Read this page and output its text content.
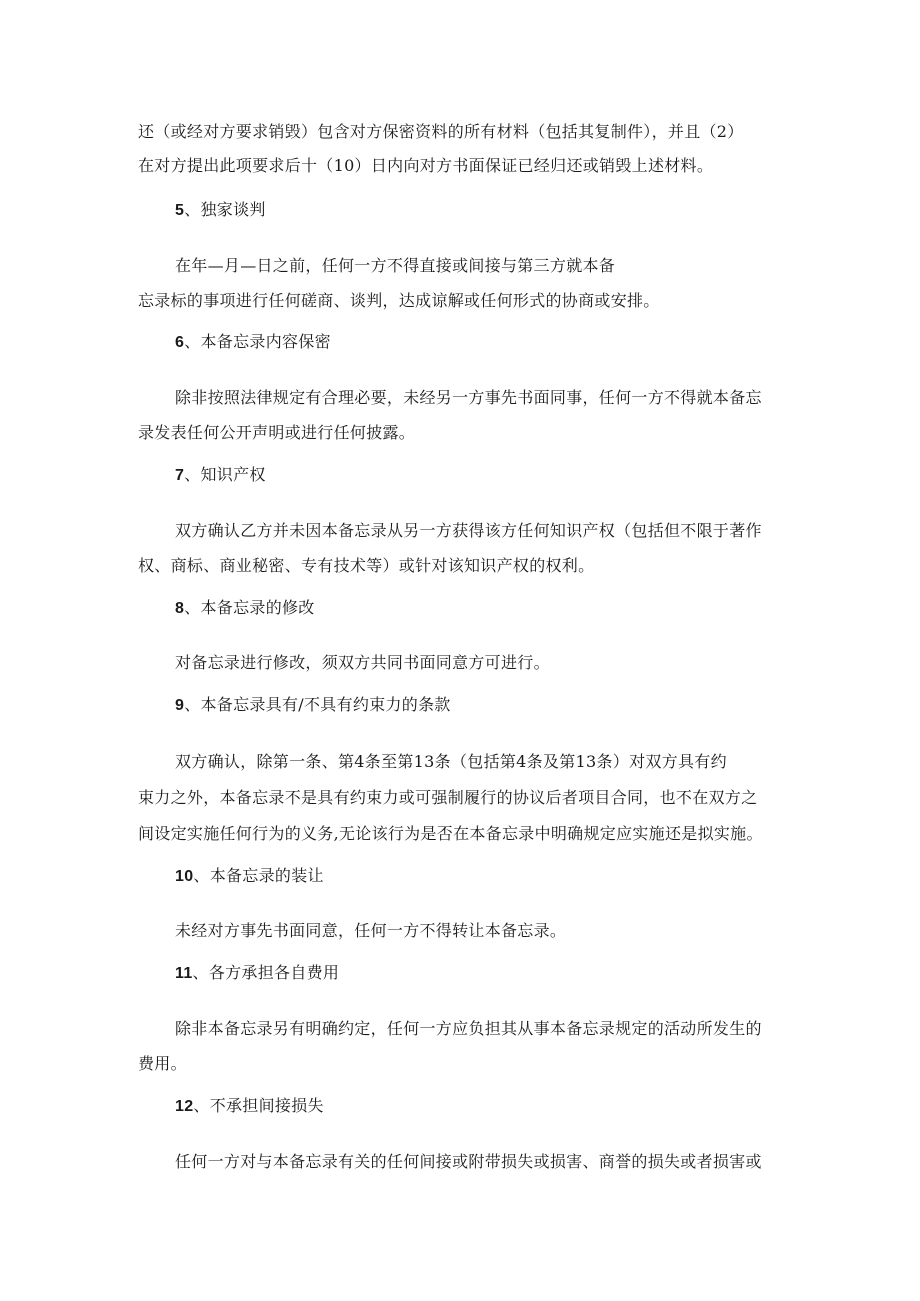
还（或经对方要求销毁）包含对方保密资料的所有材料（包括其复制件），并且（2）
在对方提出此项要求后十（10）日内向对方书面保证已经归还或销毁上述材料。
5、独家谈判
在年—月—日之前，任何一方不得直接或间接与第三方就本备
忘录标的事项进行任何磋商、谈判，达成谅解或任何形式的协商或安排。
6、本备忘录内容保密
除非按照法律规定有合理必要，未经另一方事先书面同事，任何一方不得就本备忘
录发表任何公开声明或进行任何披露。
7、知识产权
双方确认乙方并未因本备忘录从另一方获得该方任何知识产权（包括但不限于著作
权、商标、商业秘密、专有技术等）或针对该知识产权的权利。
8、本备忘录的修改
对备忘录进行修改，须双方共同书面同意方可进行。
9、本备忘录具有/不具有约束力的条款
双方确认，除第一条、第4条至第13条（包括第4条及第13条）对双方具有约
束力之外，本备忘录不是具有约束力或可强制履行的协议后者项目合同，也不在双方之
间设定实施任何行为的义务,无论该行为是否在本备忘录中明确规定应实施还是拟实施。
10、本备忘录的装让
未经对方事先书面同意，任何一方不得转让本备忘录。
11、各方承担各自费用
除非本备忘录另有明确约定，任何一方应负担其从事本备忘录规定的活动所发生的
费用。
12、不承担间接损失
任何一方对与本备忘录有关的任何间接或附带损失或损害、商誉的损失或者损害或
